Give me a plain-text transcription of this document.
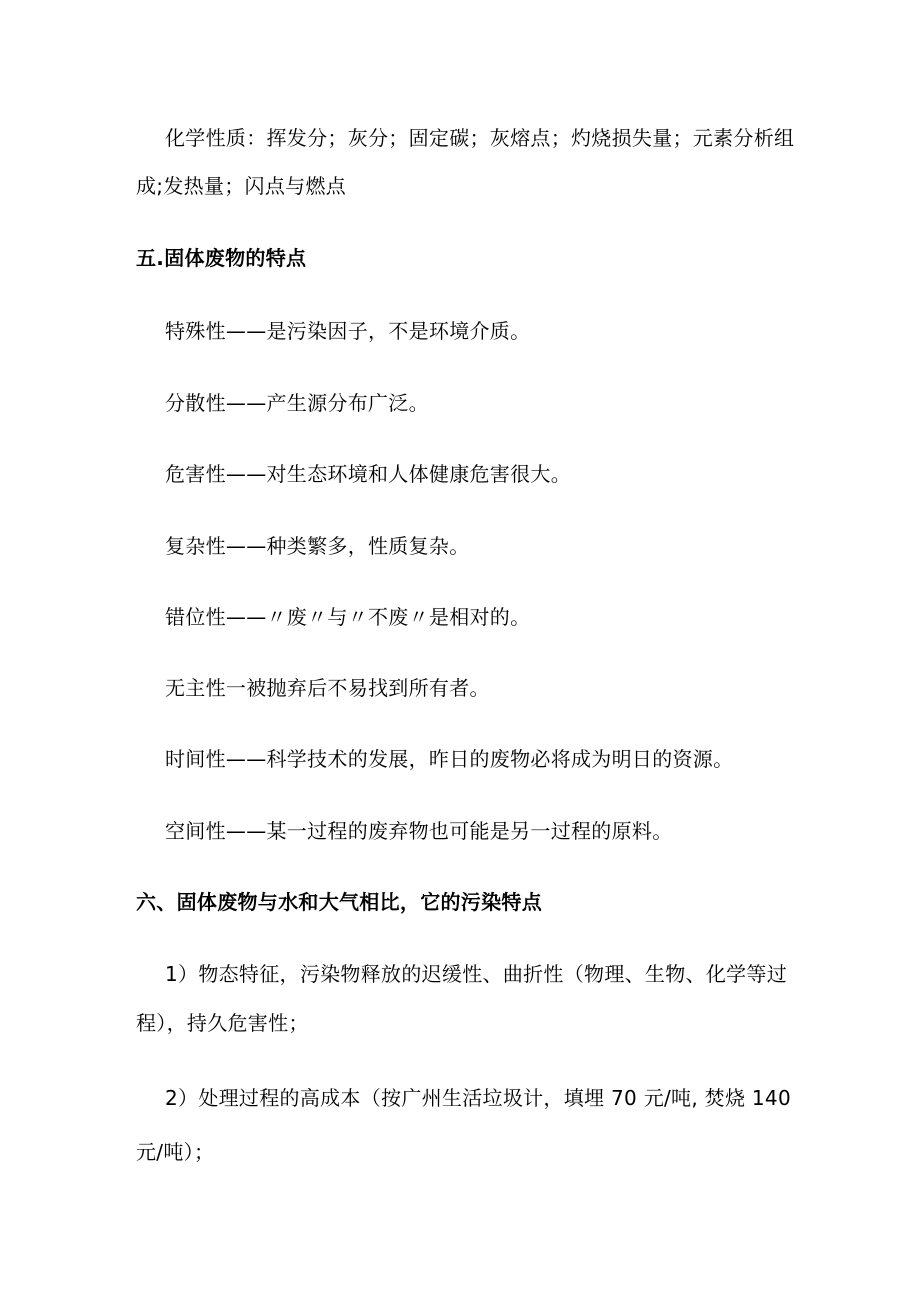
化学性质：挥发分；灰分；固定碳；灰熔点；灼烧损失量；元素分析组
成;发热量；闪点与燃点
五.固体废物的特点
特殊性——是污染因子，不是环境介质。
分散性——产生源分布广泛。
危害性——对生态环境和人体健康危害很大。
复杂性——种类繁多，性质复杂。
错位性——〃废〃与〃不废〃是相对的。
无主性一被抛弃后不易找到所有者。
时间性——科学技术的发展，昨日的废物必将成为明日的资源。
空间性——某一过程的废弃物也可能是另一过程的原料。
六、固体废物与水和大气相比，它的污染特点
1）物态特征，污染物释放的迟缓性、曲折性（物理、生物、化学等过
程），持久危害性；
2）处理过程的高成本（按广州生活垃圾计，填埋 70 元/吨, 焚烧 140
元/吨）；
